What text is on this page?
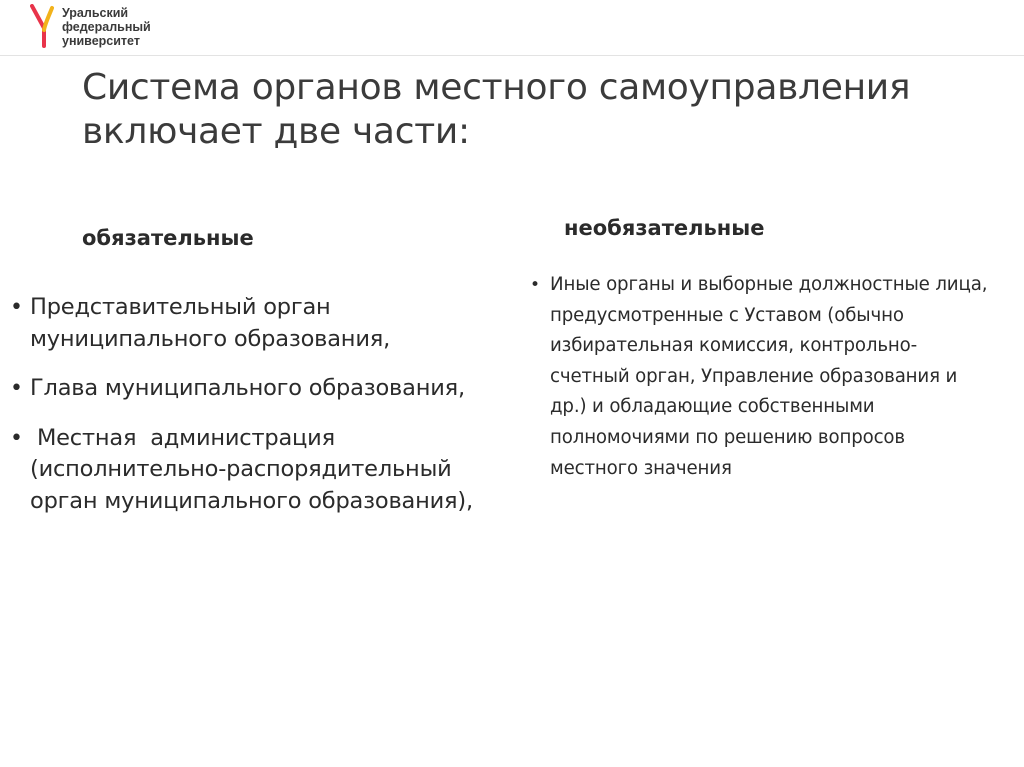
Уральский
федеральный
университет
Система органов местного самоуправления включает две части:
обязательные	необязательные
• Представительный орган муниципального образования,
• Глава муниципального образования,
• Местная  администрация (исполнительно-распорядительный орган муниципального образования),
• Иные органы и выборные должностные лица, предусмотренные с Уставом (обычно избирательная комиссия, контрольно-счетный орган, Управление образования и др.) и обладающие собственными полномочиями по решению вопросов местного значения
